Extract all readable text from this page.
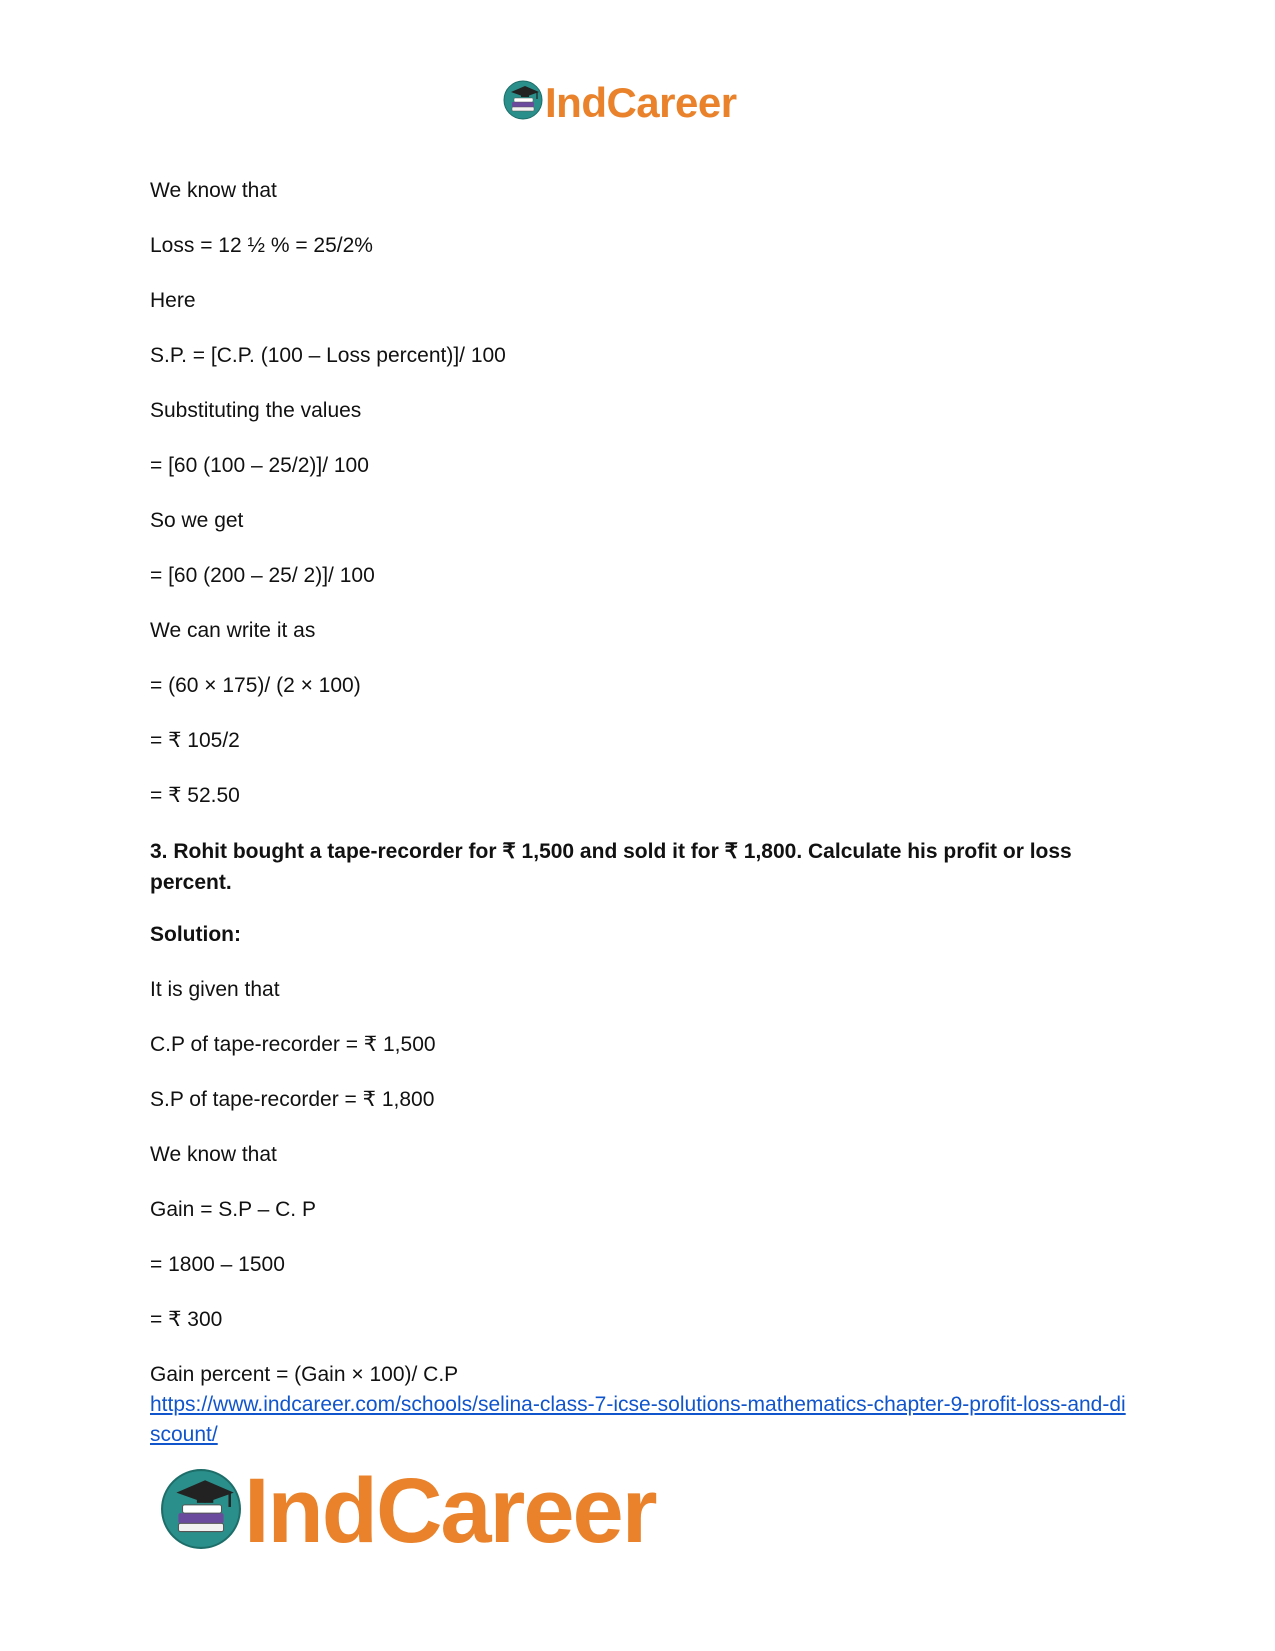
IndCareer

We know that

Loss = 12 ½ % = 25/2%

Here

S.P. = [C.P. (100 – Loss percent)]/ 100

Substituting the values

= [60 (100 – 25/2)]/ 100

So we get

= [60 (200 – 25/ 2)]/ 100

We can write it as

= (60 × 175)/ (2 × 100)

= ₹ 105/2

= ₹ 52.50

3. Rohit bought a tape-recorder for ₹ 1,500 and sold it for ₹ 1,800. Calculate his profit or loss percent.

Solution:

It is given that

C.P of tape-recorder = ₹ 1,500

S.P of tape-recorder = ₹ 1,800

We know that

Gain = S.P – C. P

= 1800 – 1500

= ₹ 300

Gain percent = (Gain × 100)/ C.P

https://www.indcareer.com/schools/selina-class-7-icse-solutions-mathematics-chapter-9-profit-loss-and-discount/
IndCareer
